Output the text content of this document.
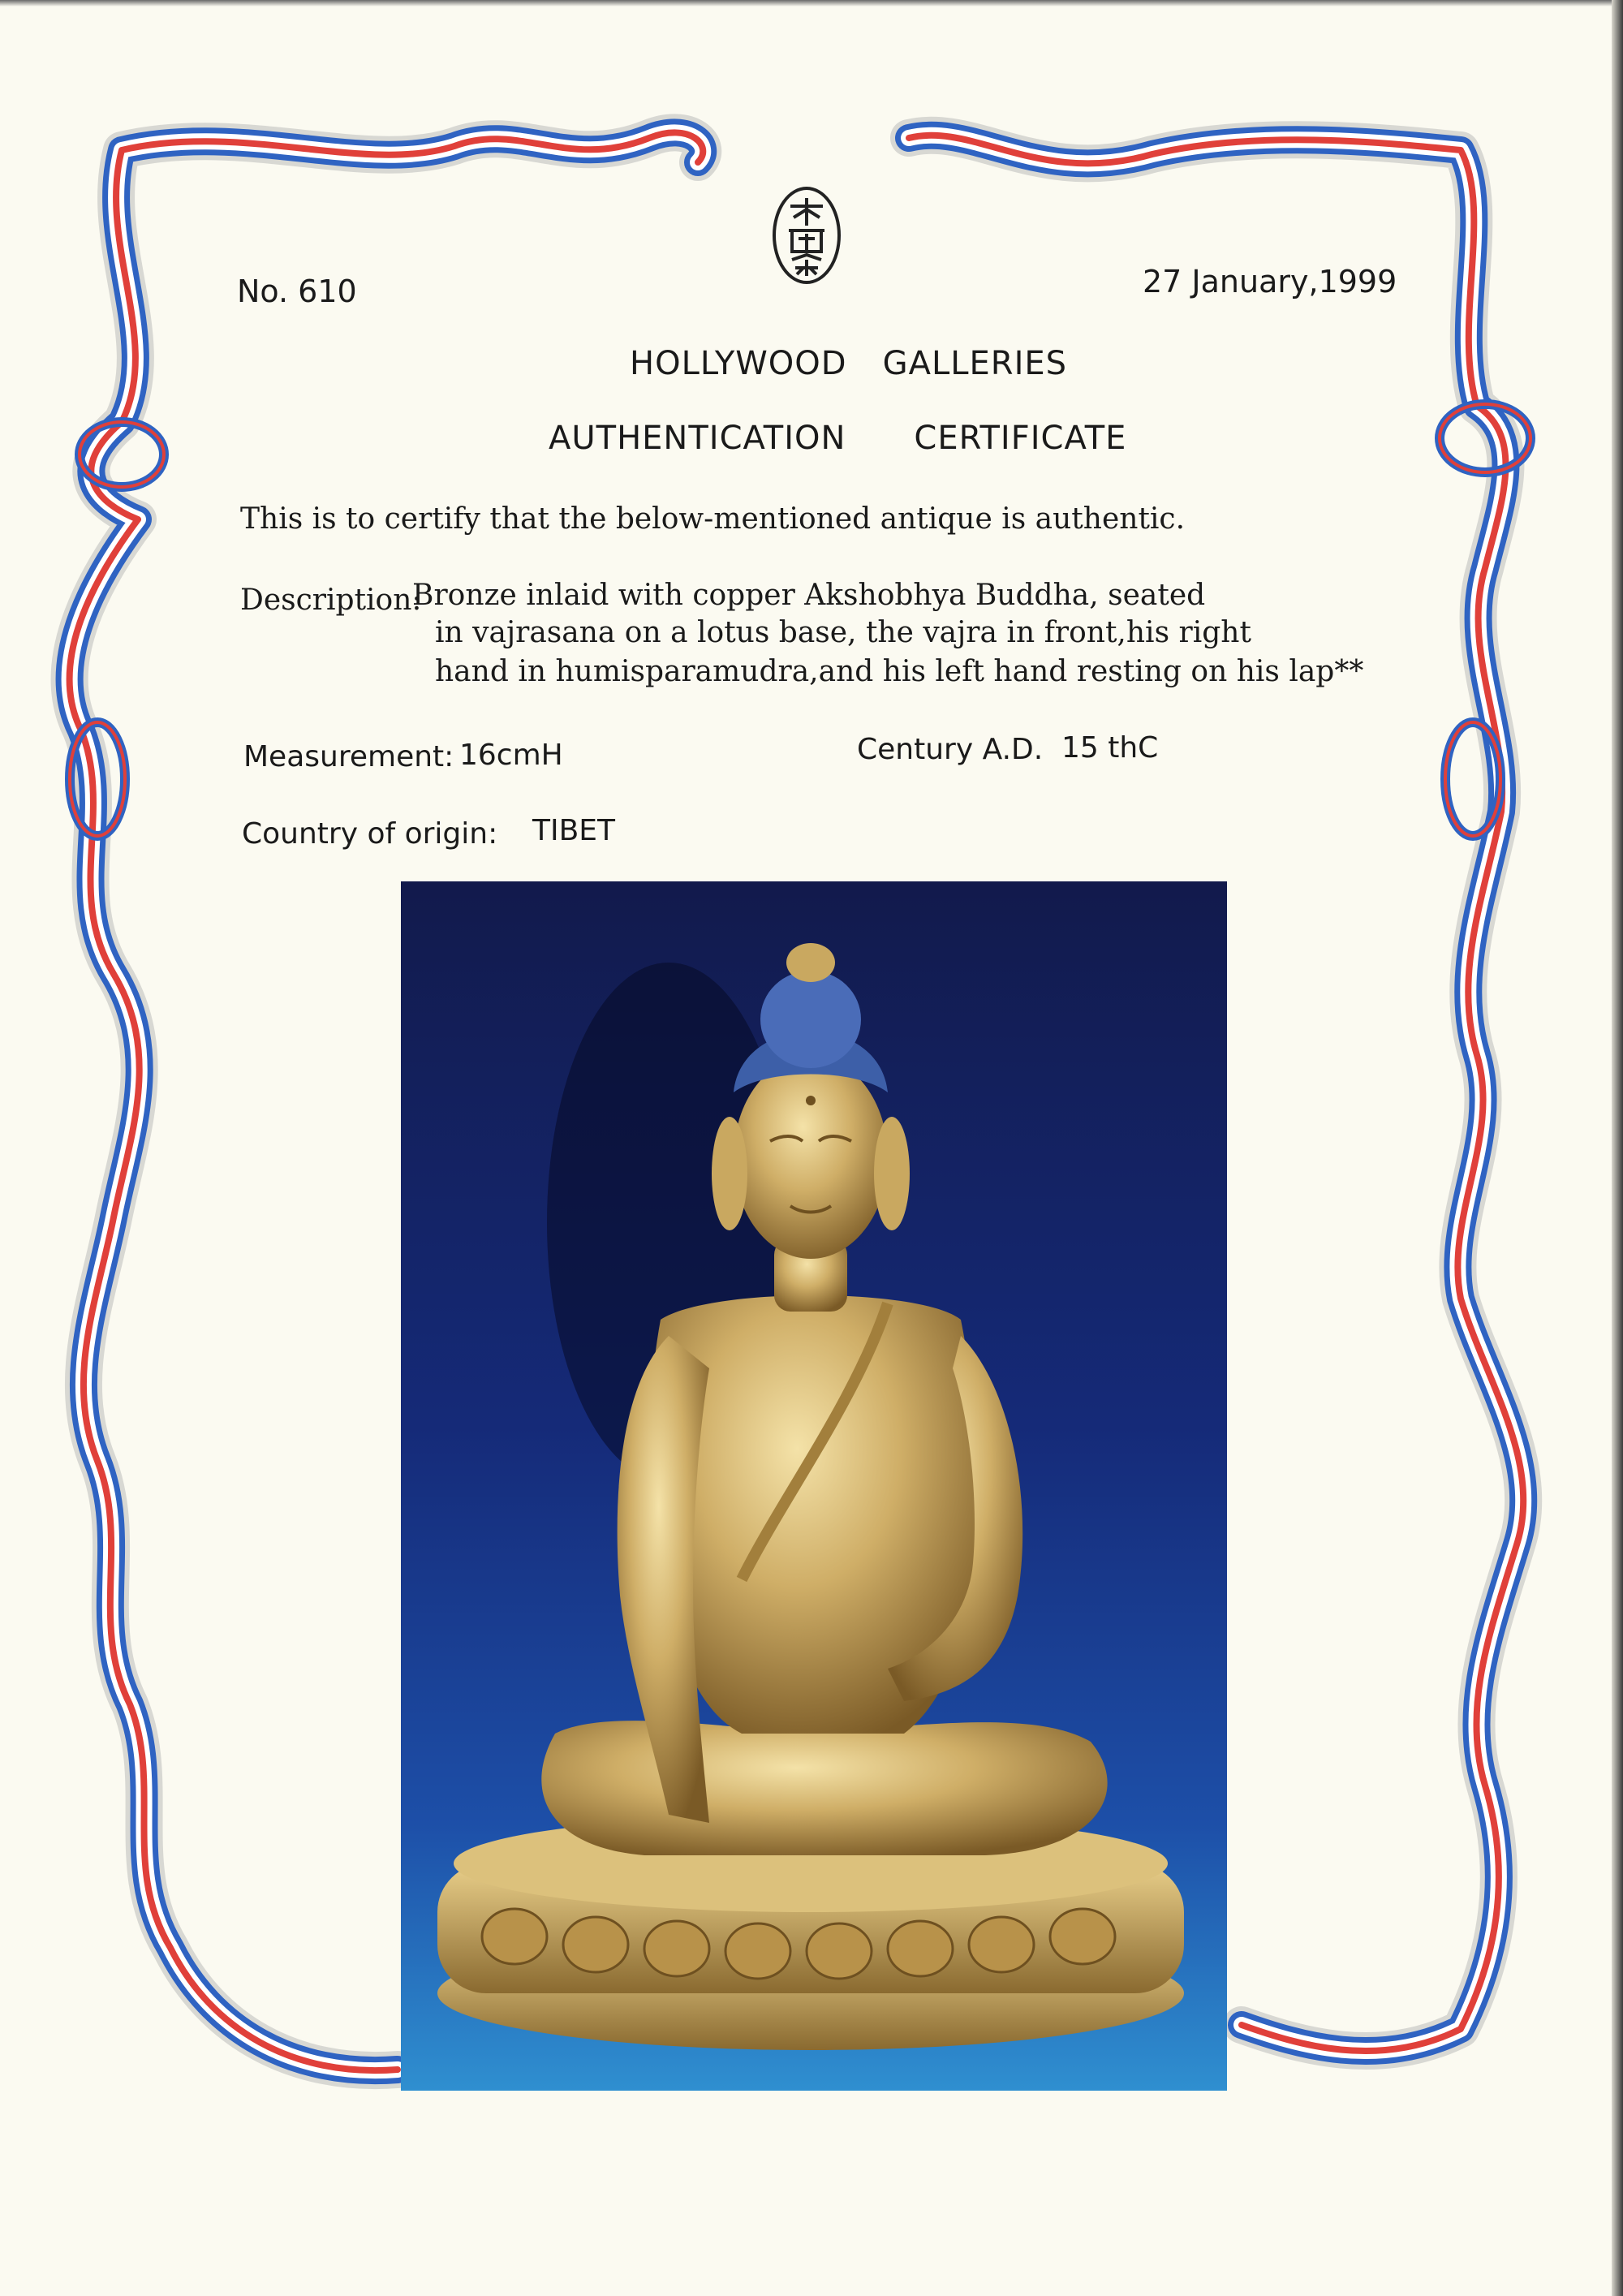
No. 610	27 January,1999
HOLLYWOOD GALLERIES
AUTHENTICATION CERTIFICATE
This is to certify that the below-mentioned antique is authentic.
Description:
Bronze inlaid with copper Akshobhya Buddha, seated
in vajrasana on a lotus base, the vajra in front,his right
hand in humisparamudra,and his left hand resting on his lap**
Measurement: 16cmH	Century A.D. 15 thC
Country of origin: TIBET
